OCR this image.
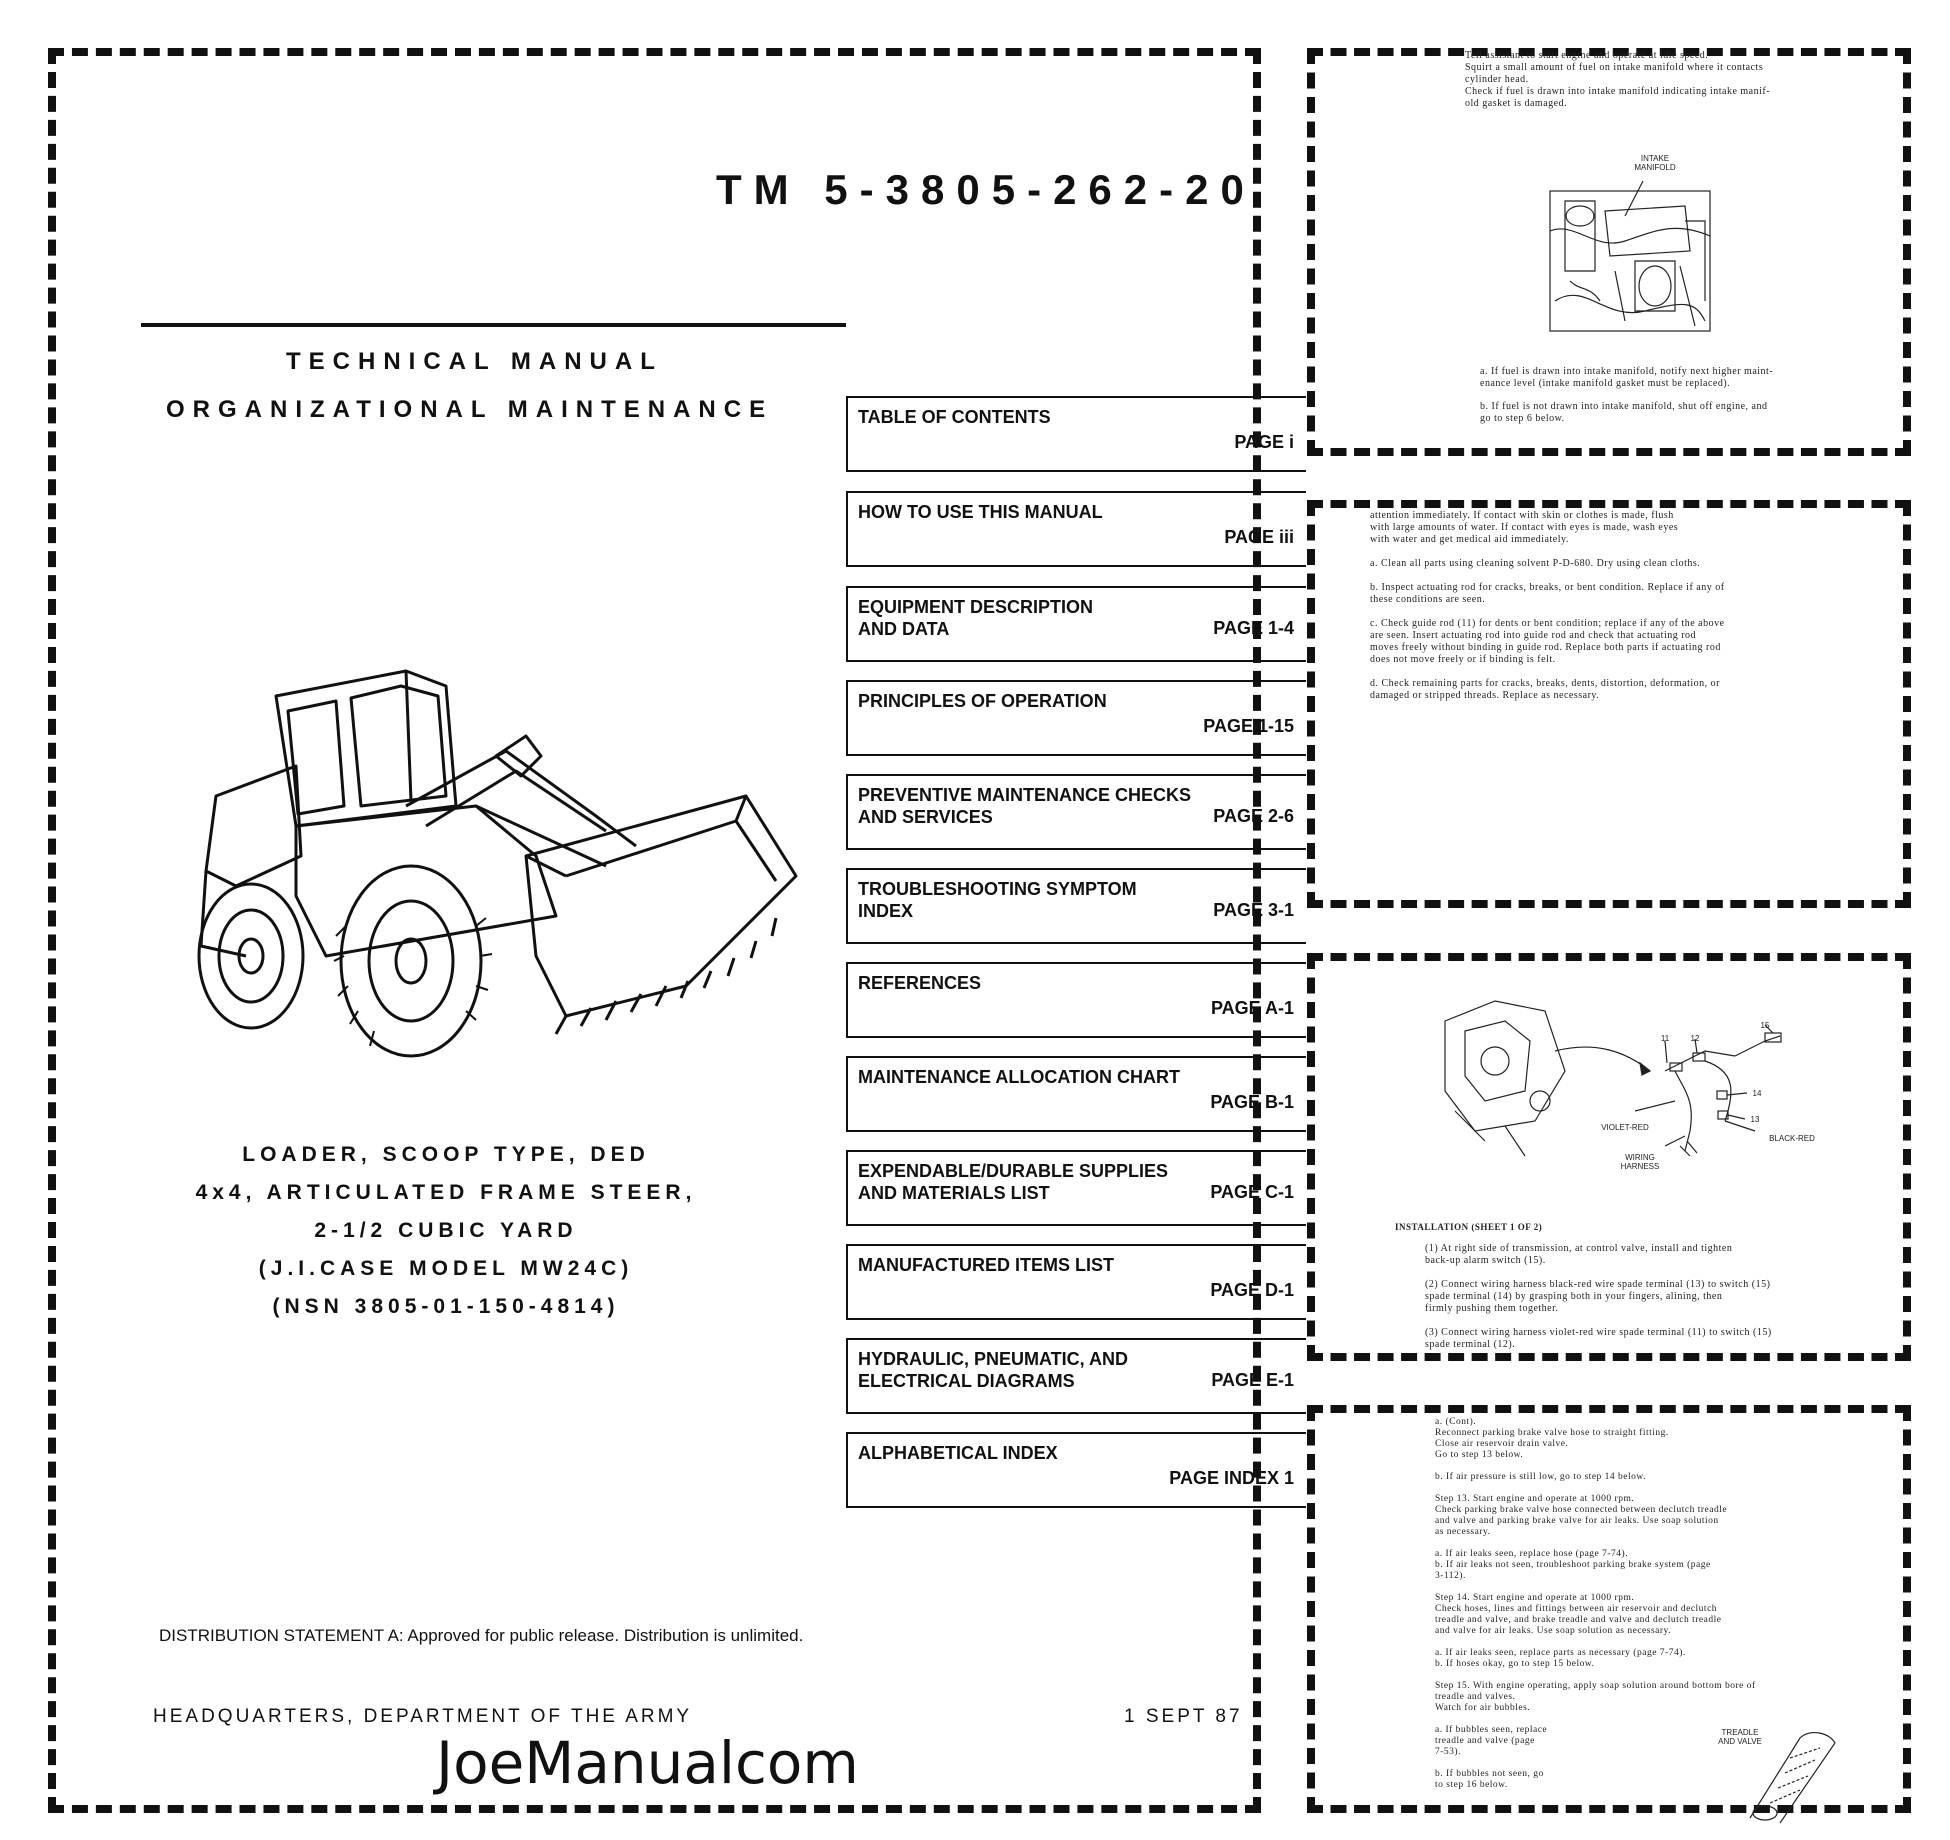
TM 5-3805-262-20
TECHNICAL MANUAL
ORGANIZATIONAL MAINTENANCE	TABLE OF CONTENTS
PAGE i
HOW TO USE THIS MANUAL
PAGE iii
EQUIPMENT DESCRIPTION
AND DATA	PAGE 1-4
PRINCIPLES OF OPERATION
PAGE 1-15
PREVENTIVE MAINTENANCE CHECKS
AND SERVICES	PAGE 2-6
TROUBLESHOOTING SYMPTOM
INDEX	PAGE 3-1
REFERENCES
PAGE A-1
MAINTENANCE ALLOCATION CHART
PAGE B-1
EXPENDABLE/DURABLE SUPPLIES
AND MATERIALS LIST	PAGE C-1
MANUFACTURED ITEMS LIST
PAGE D-1
HYDRAULIC, PNEUMATIC, AND
ELECTRICAL DIAGRAMS	PAGE E-1
ALPHABETICAL INDEX
PAGE INDEX 1
LOADER, SCOOP TYPE, DED
4x4, ARTICULATED FRAME STEER,
2-1/2 CUBIC YARD
(J.I.CASE MODEL MW24C)
(NSN 3805-01-150-4814)
DISTRIBUTION STATEMENT A: Approved for public release. Distribution is unlimited.
HEADQUARTERS, DEPARTMENT OF THE ARMY	1 SEPT 87
JoeManualcom
Tell assistant to start engine and operate at idle speed.
Squirt a small amount of fuel on intake manifold where it contacts
cylinder head.
Check if fuel is drawn into intake manifold indicating intake manif-
old gasket is damaged.
INTAKE
MANIFOLD
a. If fuel is drawn into intake manifold, notify next higher maint-
enance level (intake manifold gasket must be replaced).
b. If fuel is not drawn into intake manifold, shut off engine, and
go to step 6 below.
attention immediately. If contact with skin or clothes is made, flush
with large amounts of water. If contact with eyes is made, wash eyes
with water and get medical aid immediately.

a. Clean all parts using cleaning solvent P-D-680. Dry using clean cloths.

b. Inspect actuating rod for cracks, breaks, or bent condition. Replace if any of
these conditions are seen.

c. Check guide rod (11) for dents or bent condition; replace if any of the above
are seen. Insert actuating rod into guide rod and check that actuating rod
moves freely without binding in guide rod. Replace both parts if actuating rod
does not move freely or if binding is felt.

d. Check remaining parts for cracks, breaks, dents, distortion, deformation, or
damaged or stripped threads. Replace as necessary.
11	12
15
14
13
VIOLET-RED
BLACK-RED
WIRING
HARNESS
INSTALLATION (SHEET 1 OF 2)
(1) At right side of transmission, at control valve, install and tighten
back-up alarm switch (15).

(2) Connect wiring harness black-red wire spade terminal (13) to switch (15)
spade terminal (14) by grasping both in your fingers, alining, then
firmly pushing them together.

(3) Connect wiring harness violet-red wire spade terminal (11) to switch (15)
spade terminal (12).
a. (Cont).
Reconnect parking brake valve hose to straight fitting.
Close air reservoir drain valve.
Go to step 13 below.

b. If air pressure is still low, go to step 14 below.

Step 13. Start engine and operate at 1000 rpm.
Check parking brake valve hose connected between declutch treadle
and valve and parking brake valve for air leaks. Use soap solution
as necessary.

a. If air leaks seen, replace hose (page 7-74).
b. If air leaks not seen, troubleshoot parking brake system (page
3-112).

Step 14. Start engine and operate at 1000 rpm.
Check hoses, lines and fittings between air reservoir and declutch
treadle and valve, and brake treadle and valve and declutch treadle
and valve for air leaks. Use soap solution as necessary.

a. If air leaks seen, replace parts as necessary (page 7-74).
b. If hoses okay, go to step 15 below.

Step 15. With engine operating, apply soap solution around bottom bore of
treadle and valves.
Watch for air bubbles.

a. If bubbles seen, replace
treadle and valve (page
7-53).

b. If bubbles not seen, go
to step 16 below.
TREADLE
AND VALVE
